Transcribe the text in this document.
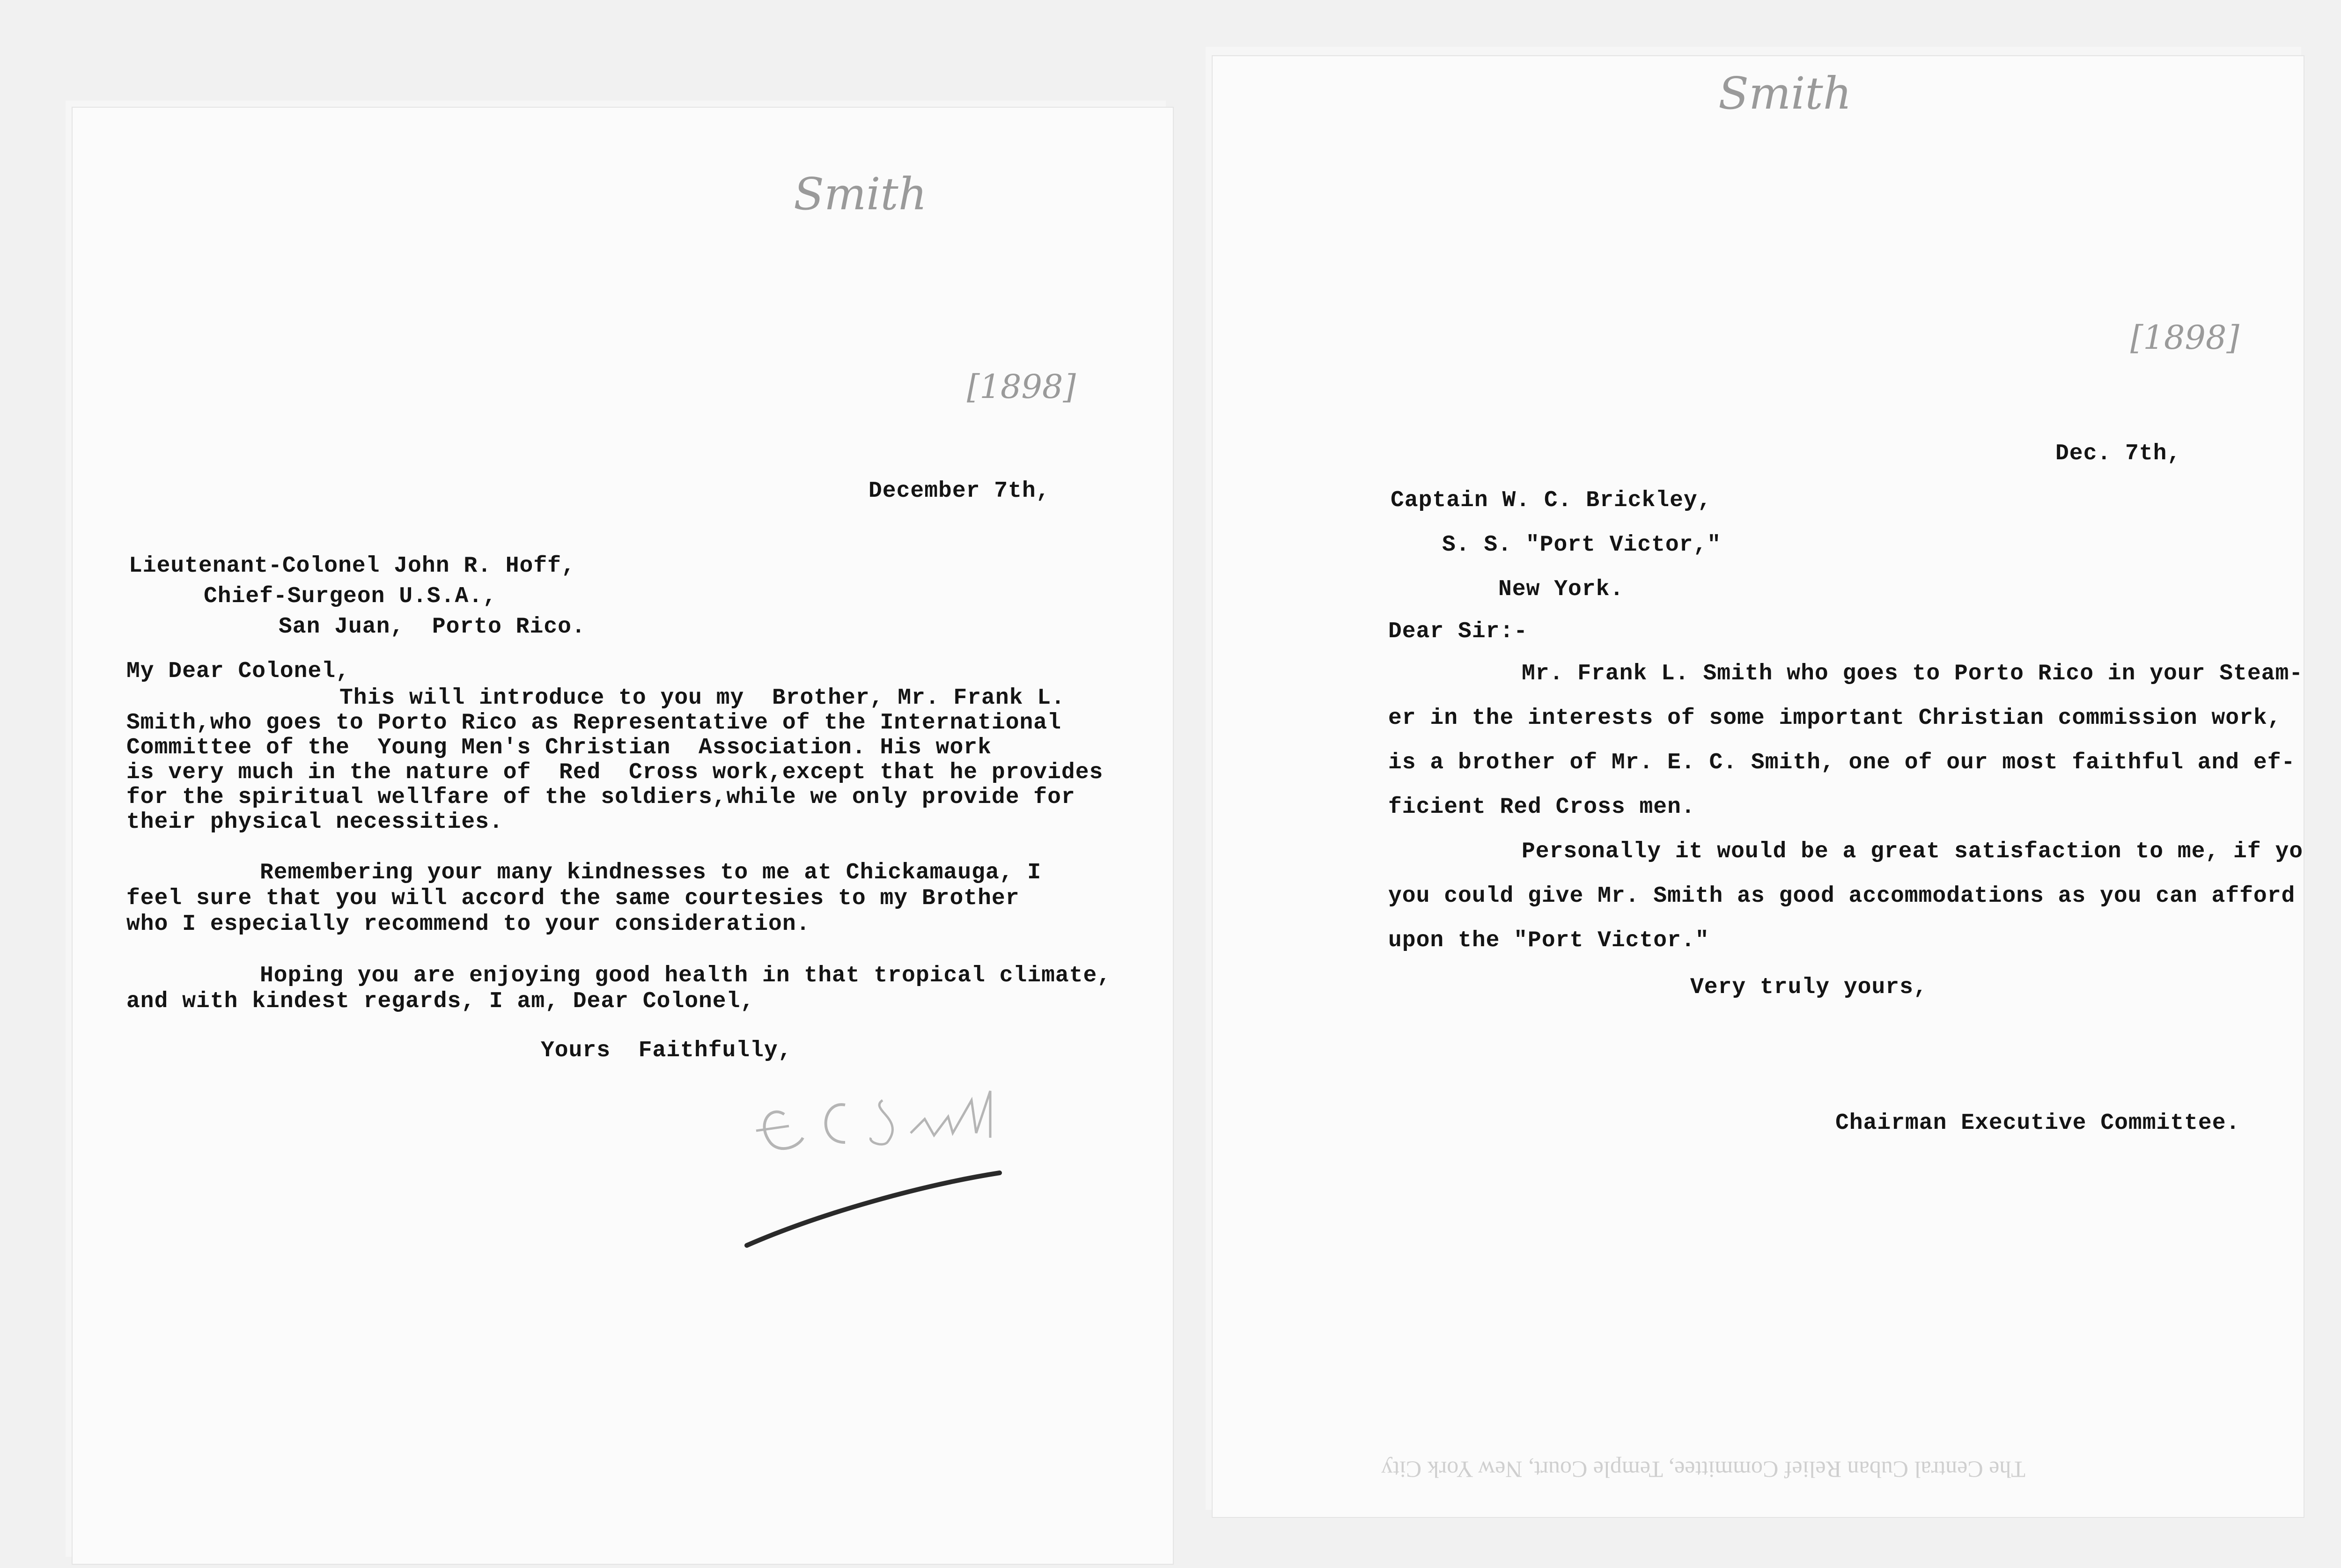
Smith
[1898]
December 7th,
Lieutenant-Colonel John R. Hoff,
Chief-Surgeon U.S.A.,
San Juan,  Porto Rico.
My Dear Colonel,
This will introduce to you my  Brother, Mr. Frank L.
Smith,who goes to Porto Rico as Representative of the International
Committee of the  Young Men's Christian  Association. His work
is very much in the nature of  Red  Cross work,except that he provides
for the spiritual wellfare of the soldiers,while we only provide for
their physical necessities.
Remembering your many kindnesses to me at Chickamauga, I
feel sure that you will accord the same courtesies to my Brother
who I especially recommend to your consideration.
Hoping you are enjoying good health in that tropical climate,
and with kindest regards, I am, Dear Colonel,
Yours  Faithfully,
Smith
[1898]
Dec. 7th,
Captain W. C. Brickley,
S. S. "Port Victor,"
New York.
Dear Sir:-
Mr. Frank L. Smith who goes to Porto Rico in your Steam-
er in the interests of some important Christian commission work,
is a brother of Mr. E. C. Smith, one of our most faithful and ef-
ficient Red Cross men.
Personally it would be a great satisfaction to me, if yo
you could give Mr. Smith as good accommodations as you can afford
upon the "Port Victor."
Very truly yours,
Chairman Executive Committee.
The Central Cuban Relief Committee, Temple Court, New York City
